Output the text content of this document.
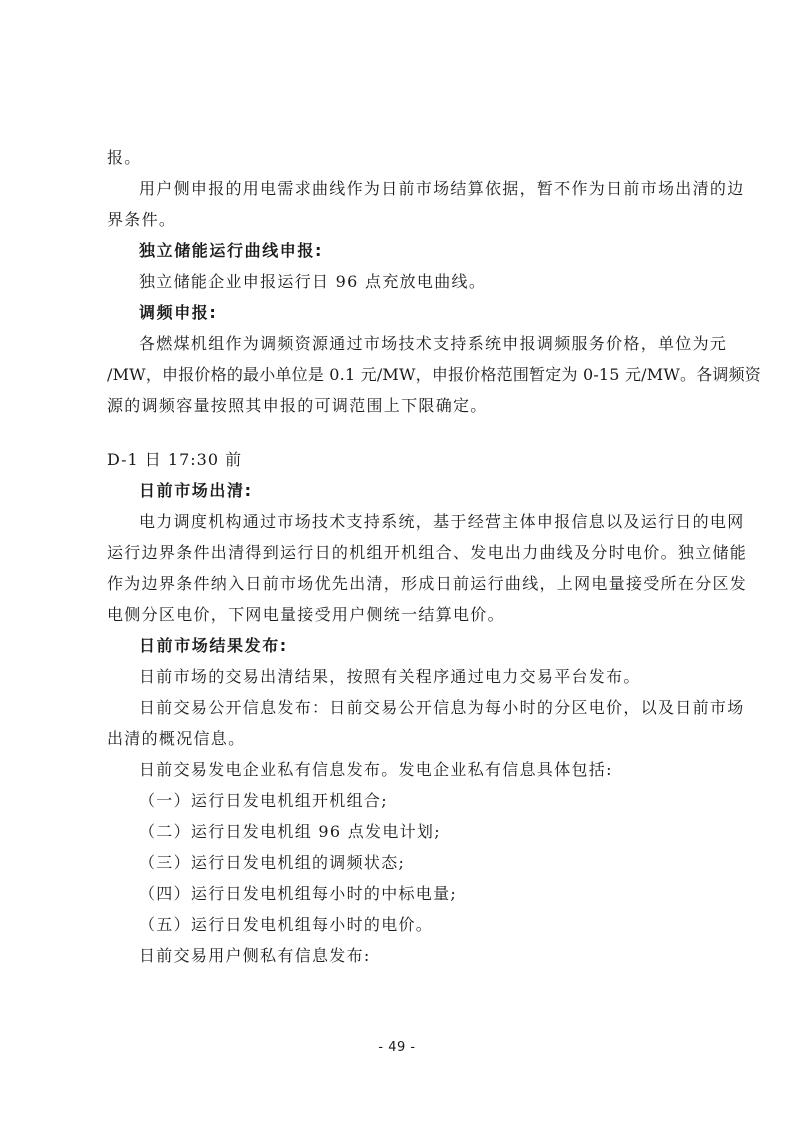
报。
用户侧申报的用电需求曲线作为日前市场结算依据，暂不作为日前市场出清的边
界条件。
独立储能运行曲线申报:
独立储能企业申报运行日 96 点充放电曲线。
调频申报:
各燃煤机组作为调频资源通过市场技术支持系统申报调频服务价格，单位为元
/MW，申报价格的最小单位是 0.1 元/MW，申报价格范围暂定为 0-15 元/MW。各调频资
源的调频容量按照其申报的可调范围上下限确定。
D-1 日 17:30 前
日前市场出清:
电力调度机构通过市场技术支持系统，基于经营主体申报信息以及运行日的电网
运行边界条件出清得到运行日的机组开机组合、发电出力曲线及分时电价。独立储能
作为边界条件纳入日前市场优先出清，形成日前运行曲线，上网电量接受所在分区发
电侧分区电价，下网电量接受用户侧统一结算电价。
日前市场结果发布:
日前市场的交易出清结果，按照有关程序通过电力交易平台发布。
日前交易公开信息发布：日前交易公开信息为每小时的分区电价，以及日前市场
出清的概况信息。
日前交易发电企业私有信息发布。发电企业私有信息具体包括:
（一）运行日发电机组开机组合;
（二）运行日发电机组 96 点发电计划;
（三）运行日发电机组的调频状态;
（四）运行日发电机组每小时的中标电量;
（五）运行日发电机组每小时的电价。
日前交易用户侧私有信息发布:
- 49 -
